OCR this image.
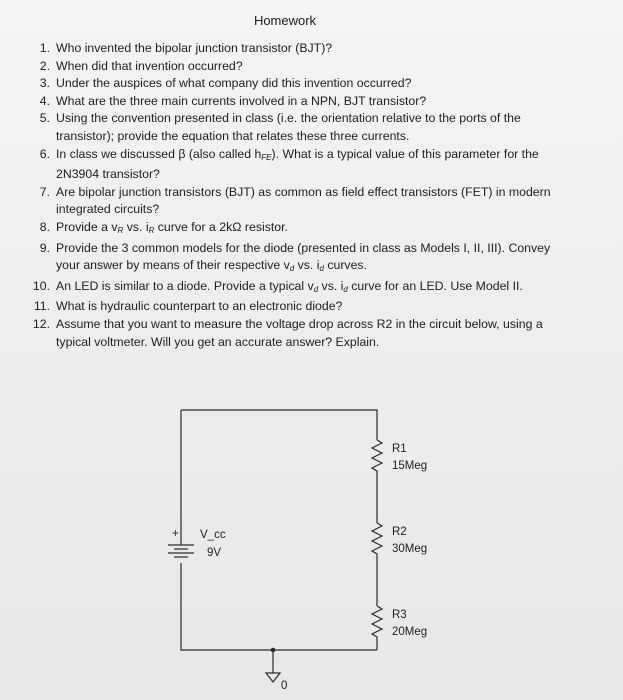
Homework
1. Who invented the bipolar junction transistor (BJT)?
2. When did that invention occurred?
3. Under the auspices of what company did this invention occurred?
4. What are the three main currents involved in a NPN, BJT transistor?
5. Using the convention presented in class (i.e. the orientation relative to the ports of the transistor); provide the equation that relates these three currents.
6. In class we discussed β (also called $h_{FE}$). What is a typical value of this parameter for the 2N3904 transistor?
7. Are bipolar junction transistors (BJT) as common as field effect transistors (FET) in modern integrated circuits?
8. Provide a $v_R$ vs. $i_R$ curve for a 2kΩ resistor.
9. Provide the 3 common models for the diode (presented in class as Models I, II, III). Convey your answer by means of their respective $v_d$ vs. $i_d$ curves.
10. An LED is similar to a diode. Provide a typical $v_d$ vs. $i_d$ curve for an LED. Use Model II.
11. What is hydraulic counterpart to an electronic diode?
12. Assume that you want to measure the voltage drop across R2 in the circuit below, using a typical voltmeter. Will you get an accurate answer? Explain.
+ V_cc
9V
R1
15Meg
R2
30Meg
R3
20Meg
0
